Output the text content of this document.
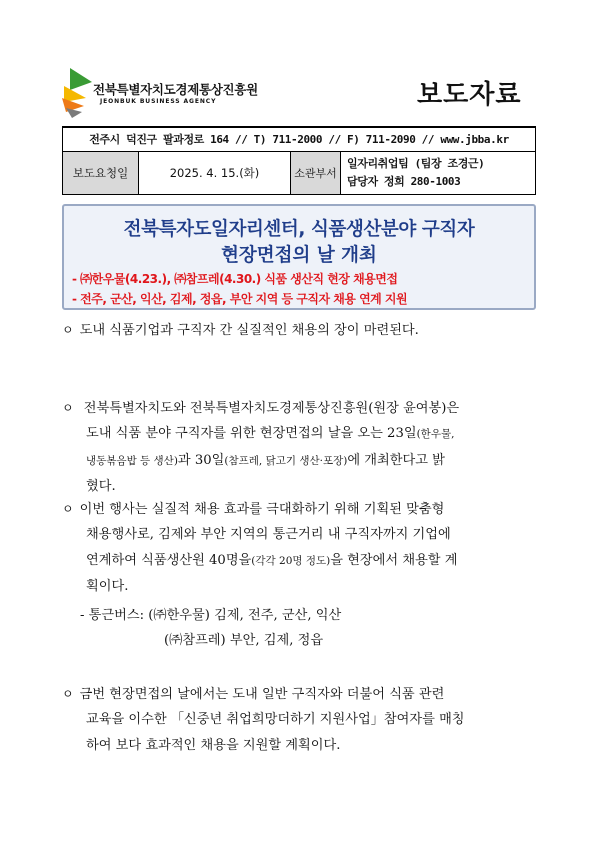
전북특별자치도경제통상진흥원
JEONBUK BUSINESS AGENCY	보도자료
전주시 덕진구 팔과정로 164 // T) 711-2000 // F) 711-2090 // www.jbba.kr
보도요청일	2025. 4. 15.(화)	소관부서
일자리취업팀 (팀장 조경근)
담당자 정희 280-1003
전북특자도일자리센터, 식품생산분야 구직자
현장면접의 날 개최
- ㈜한우물(4.23.), ㈜참프레(4.30.) 식품 생산직 현장 채용면접
- 전주, 군산, 익산, 김제, 정읍, 부안 지역 등 구직자 채용 연계 지원
ㅇ 도내 식품기업과 구직자 간 실질적인 채용의 장이 마련된다.
ㅇ 전북특별자치도와 전북특별자치도경제통상진흥원(원장 윤여봉)은
도내 식품 분야 구직자를 위한 현장면접의 날을 오는 23일(한우물,
냉동볶음밥 등 생산)과 30일(참프레, 닭고기 생산·포장)에 개최한다고 밝
혔다.
ㅇ 이번 행사는 실질적 채용 효과를 극대화하기 위해 기획된 맞춤형
채용행사로, 김제와 부안 지역의 통근거리 내 구직자까지 기업에
연계하여 식품생산원 40명을(각각 20명 정도)을 현장에서 채용할 계
획이다.
- 통근버스: (㈜한우물) 김제, 전주, 군산, 익산
(㈜참프레) 부안, 김제, 정읍
ㅇ 금번 현장면접의 날에서는 도내 일반 구직자와 더불어 식품 관련
교육을 이수한 「신중년 취업희망더하기 지원사업」참여자를 매칭
하여 보다 효과적인 채용을 지원할 계획이다.
